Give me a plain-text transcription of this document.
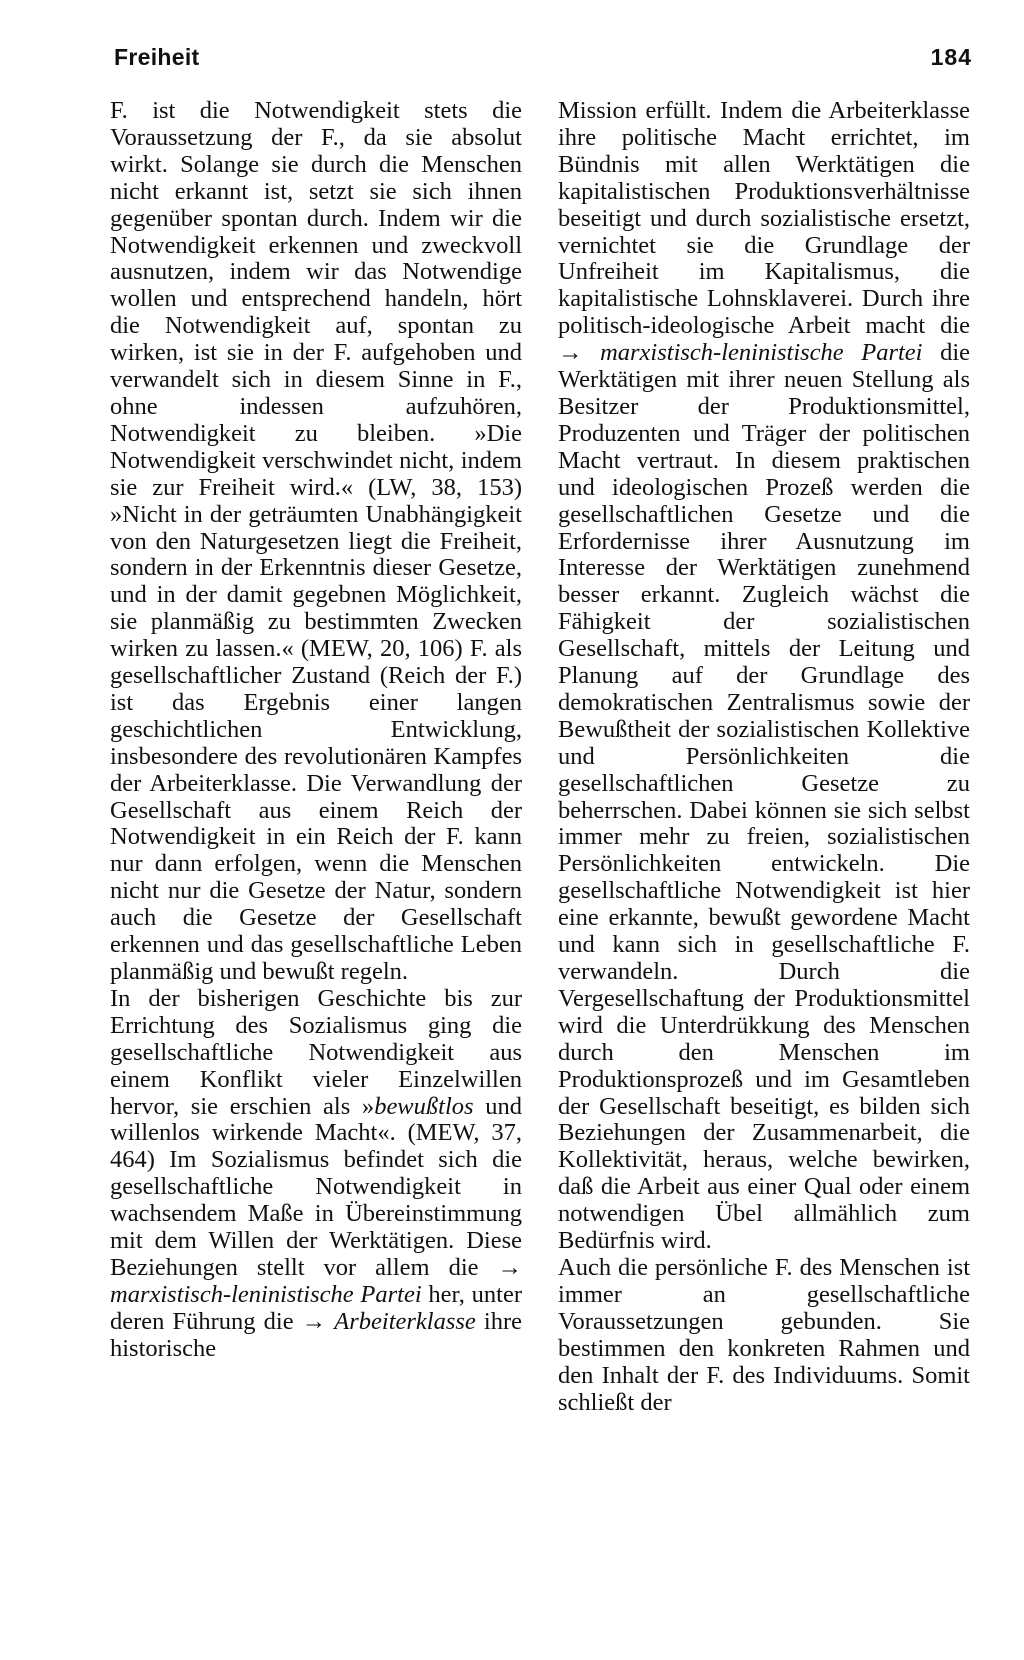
Freiheit	184

F. ist die Notwendigkeit stets die Voraussetzung der F., da sie absolut wirkt. Solange sie durch die Menschen nicht erkannt ist, setzt sie sich ihnen gegenüber spontan durch. Indem wir die Notwendigkeit erkennen und zweckvoll ausnutzen, indem wir das Notwendige wollen und entsprechend handeln, hört die Notwendigkeit auf, spontan zu wirken, ist sie in der F. aufgehoben und verwandelt sich in diesem Sinne in F., ohne indessen aufzuhören, Notwendigkeit zu bleiben. »Die Notwendigkeit verschwindet nicht, indem sie zur Freiheit wird.« (LW, 38, 153) »Nicht in der geträumten Unabhängigkeit von den Naturgesetzen liegt die Freiheit, sondern in der Erkenntnis dieser Gesetze, und in der damit gegebnen Möglichkeit, sie planmäßig zu bestimmten Zwecken wirken zu lassen.« (MEW, 20, 106) F. als gesellschaftlicher Zustand (Reich der F.) ist das Ergebnis einer langen geschichtlichen Entwicklung, insbesondere des revolutionären Kampfes der Arbeiterklasse. Die Verwandlung der Gesellschaft aus einem Reich der Notwendigkeit in ein Reich der F. kann nur dann erfolgen, wenn die Menschen nicht nur die Gesetze der Natur, sondern auch die Gesetze der Gesellschaft erkennen und das gesellschaftliche Leben planmäßig und bewußt regeln.

In der bisherigen Geschichte bis zur Errichtung des Sozialismus ging die gesellschaftliche Notwendigkeit aus einem Konflikt vieler Einzelwillen hervor, sie erschien als »bewußtlos und willenlos wirkende Macht«. (MEW, 37, 464) Im Sozialismus befindet sich die gesellschaftliche Notwendigkeit in wachsendem Maße in Übereinstimmung mit dem Willen der Werktätigen. Diese Beziehungen stellt vor allem die → marxistisch-leninistische Partei her, unter deren Führung die → Arbeiterklasse ihre historische

Mission erfüllt. Indem die Arbeiterklasse ihre politische Macht errichtet, im Bündnis mit allen Werktätigen die kapitalistischen Produktionsverhältnisse beseitigt und durch sozialistische ersetzt, vernichtet sie die Grundlage der Unfreiheit im Kapitalismus, die kapitalistische Lohnsklaverei. Durch ihre politisch-ideologische Arbeit macht die → marxistisch-leninistische Partei die Werktätigen mit ihrer neuen Stellung als Besitzer der Produktionsmittel, Produzenten und Träger der politischen Macht vertraut. In diesem praktischen und ideologischen Prozeß werden die gesellschaftlichen Gesetze und die Erfordernisse ihrer Ausnutzung im Interesse der Werktätigen zunehmend besser erkannt. Zugleich wächst die Fähigkeit der sozialistischen Gesellschaft, mittels der Leitung und Planung auf der Grundlage des demokratischen Zentralismus sowie der Bewußtheit der sozialistischen Kollektive und Persönlichkeiten die gesellschaftlichen Gesetze zu beherrschen. Dabei können sie sich selbst immer mehr zu freien, sozialistischen Persönlichkeiten entwickeln. Die gesellschaftliche Notwendigkeit ist hier eine erkannte, bewußt gewordene Macht und kann sich in gesellschaftliche F. verwandeln. Durch die Vergesellschaftung der Produktionsmittel wird die Unterdrükkung des Menschen durch den Menschen im Produktionsprozeß und im Gesamtleben der Gesellschaft beseitigt, es bilden sich Beziehungen der Zusammenarbeit, die Kollektivität, heraus, welche bewirken, daß die Arbeit aus einer Qual oder einem notwendigen Übel allmählich zum Bedürfnis wird.

Auch die persönliche F. des Menschen ist immer an gesellschaftliche Voraussetzungen gebunden. Sie bestimmen den konkreten Rahmen und den Inhalt der F. des Individuums. Somit schließt der
